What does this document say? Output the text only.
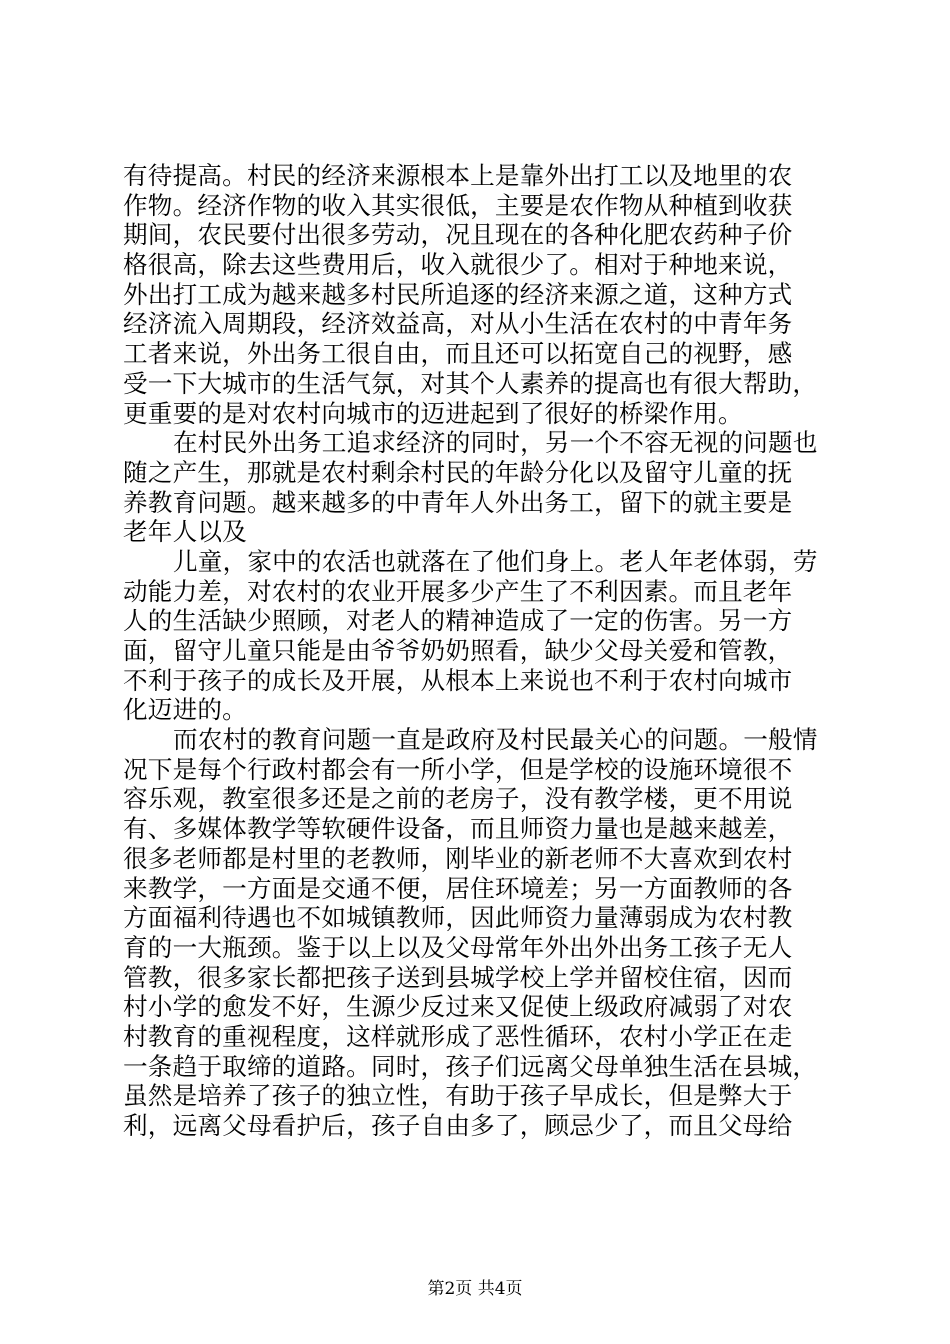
有待提高。村民的经济来源根本上是靠外出打工以及地里的农
作物。经济作物的收入其实很低，主要是农作物从种植到收获
期间，农民要付出很多劳动，况且现在的各种化肥农药种子价
格很高，除去这些费用后，收入就很少了。相对于种地来说，
外出打工成为越来越多村民所追逐的经济来源之道，这种方式
经济流入周期段，经济效益高，对从小生活在农村的中青年务
工者来说，外出务工很自由，而且还可以拓宽自己的视野，感
受一下大城市的生活气氛，对其个人素养的提高也有很大帮助，
更重要的是对农村向城市的迈进起到了很好的桥梁作用。
在村民外出务工追求经济的同时，另一个不容无视的问题也
随之产生，那就是农村剩余村民的年龄分化以及留守儿童的抚
养教育问题。越来越多的中青年人外出务工，留下的就主要是
老年人以及
儿童，家中的农活也就落在了他们身上。老人年老体弱，劳
动能力差，对农村的农业开展多少产生了不利因素。而且老年
人的生活缺少照顾，对老人的精神造成了一定的伤害。另一方
面，留守儿童只能是由爷爷奶奶照看，缺少父母关爱和管教，
不利于孩子的成长及开展，从根本上来说也不利于农村向城市
化迈进的。
而农村的教育问题一直是政府及村民最关心的问题。一般情
况下是每个行政村都会有一所小学，但是学校的设施环境很不
容乐观，教室很多还是之前的老房子，没有教学楼，更不用说
有、多媒体教学等软硬件设备，而且师资力量也是越来越差，
很多老师都是村里的老教师，刚毕业的新老师不大喜欢到农村
来教学，一方面是交通不便，居住环境差；另一方面教师的各
方面福利待遇也不如城镇教师，因此师资力量薄弱成为农村教
育的一大瓶颈。鉴于以上以及父母常年外出外出务工孩子无人
管教，很多家长都把孩子送到县城学校上学并留校住宿，因而
村小学的愈发不好，生源少反过来又促使上级政府减弱了对农
村教育的重视程度，这样就形成了恶性循环，农村小学正在走
一条趋于取缔的道路。同时，孩子们远离父母单独生活在县城，
虽然是培养了孩子的独立性，有助于孩子早成长，但是弊大于
利，远离父母看护后，孩子自由多了，顾忌少了，而且父母给
第2页 共4页
